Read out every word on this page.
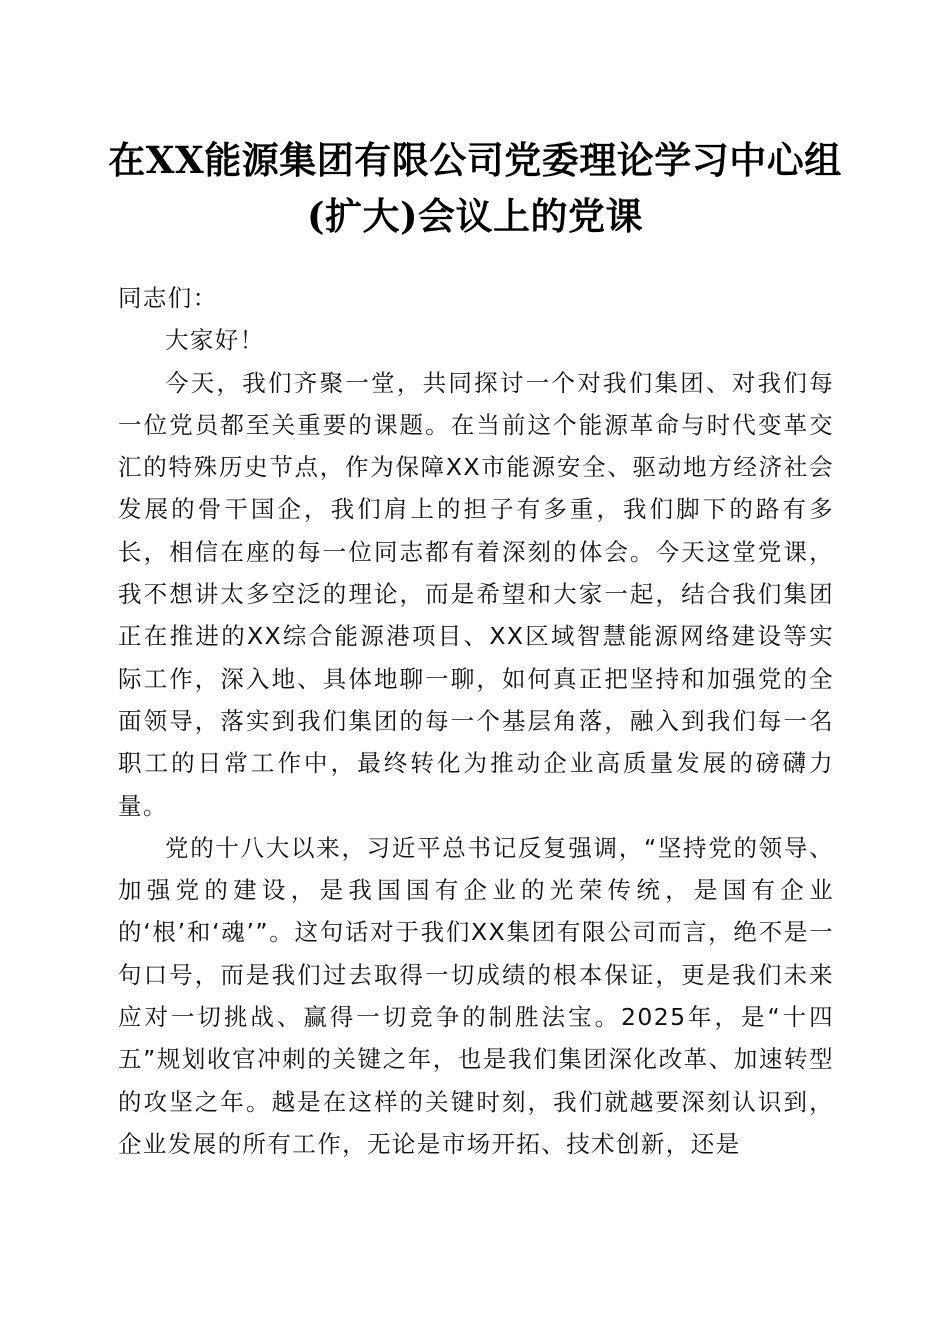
在XX能源集团有限公司党委理论学习中心组
(扩大)会议上的党课

同志们：

大家好！

今天，我们齐聚一堂，共同探讨一个对我们集团、对我们每一位党员都至关重要的课题。在当前这个能源革命与时代变革交汇的特殊历史节点，作为保障XX市能源安全、驱动地方经济社会发展的骨干国企，我们肩上的担子有多重，我们脚下的路有多长，相信在座的每一位同志都有着深刻的体会。今天这堂党课，我不想讲太多空泛的理论，而是希望和大家一起，结合我们集团正在推进的XX综合能源港项目、XX区域智慧能源网络建设等实际工作，深入地、具体地聊一聊，如何真正把坚持和加强党的全面领导，落实到我们集团的每一个基层角落，融入到我们每一名职工的日常工作中，最终转化为推动企业高质量发展的磅礴力量。

党的十八大以来，习近平总书记反复强调，“坚持党的领导、加强党的建设，是我国国有企业的光荣传统，是国有企业的‘根’和‘魂’”。这句话对于我们XX集团有限公司而言，绝不是一句口号，而是我们过去取得一切成绩的根本保证，更是我们未来应对一切挑战、赢得一切竞争的制胜法宝。2025年，是“十四五”规划收官冲刺的关键之年，也是我们集团深化改革、加速转型的攻坚之年。越是在这样的关键时刻，我们就越要深刻认识到，企业发展的所有工作，无论是市场开拓、技术创新，还是
